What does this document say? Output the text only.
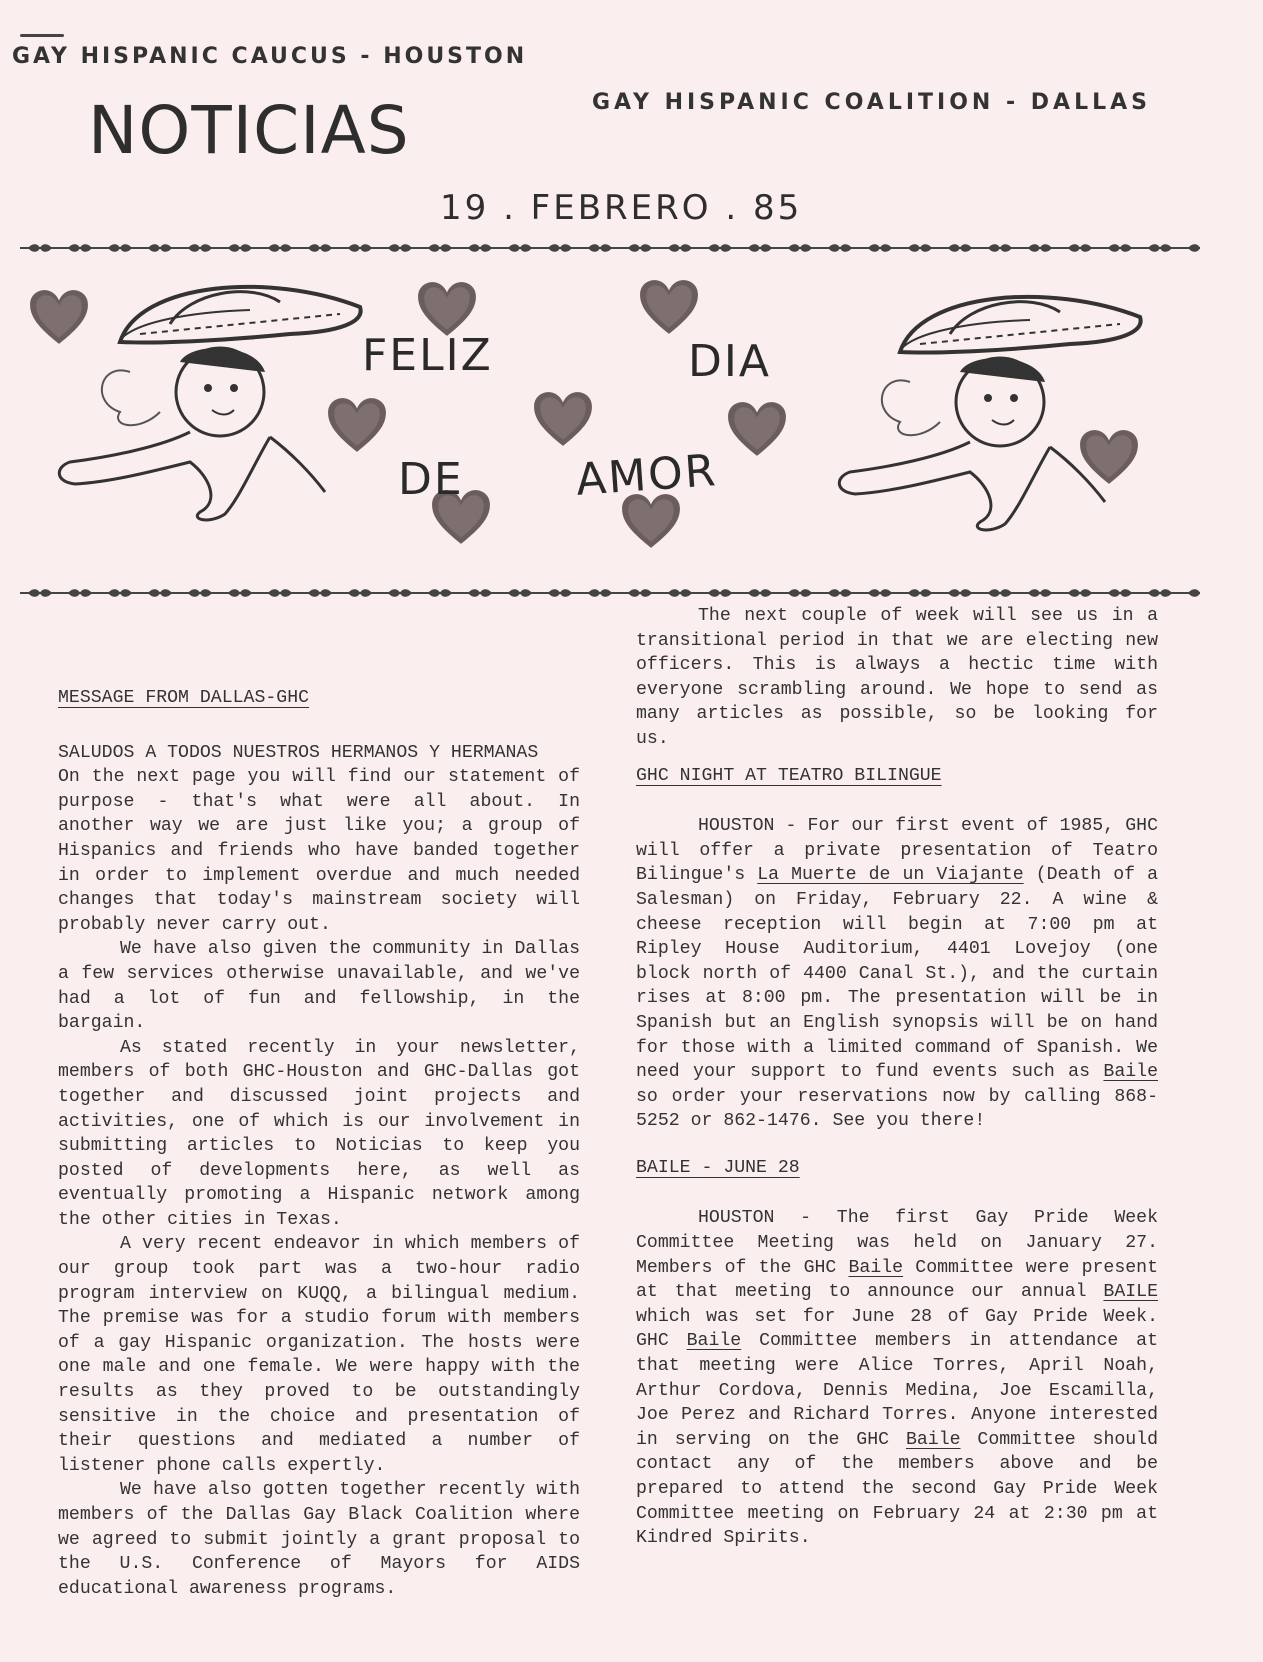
GAY HISPANIC CAUCUS - HOUSTON
NOTICIAS	GAY HISPANIC COALITION - DALLAS
19 . FEBRERO . 85
FELIZ	DIA
DE	AMOR

MESSAGE FROM DALLAS-GHC

SALUDOS A TODOS NUESTROS HERMANOS Y HERMANAS

On the next page you will find our statement of purpose - that's what were all about. In another way we are just like you; a group of Hispanics and friends who have banded together in order to implement overdue and much needed changes that today's mainstream society will probably never carry out.

We have also given the community in Dallas a few services otherwise unavailable, and we've had a lot of fun and fellowship, in the bargain.

As stated recently in your newsletter, members of both GHC-Houston and GHC-Dallas got together and discussed joint projects and activities, one of which is our involvement in submitting articles to Noticias to keep you posted of developments here, as well as eventually promoting a Hispanic network among the other cities in Texas.

A very recent endeavor in which members of our group took part was a two-hour radio program interview on KUQQ, a bilingual medium. The premise was for a studio forum with members of a gay Hispanic organization. The hosts were one male and one female. We were happy with the results as they proved to be outstandingly sensitive in the choice and presentation of their questions and mediated a number of listener phone calls expertly.

We have also gotten together recently with members of the Dallas Gay Black Coalition where we agreed to submit jointly a grant proposal to the U.S. Conference of Mayors for AIDS educational awareness programs.

The next couple of week will see us in a transitional period in that we are electing new officers. This is always a hectic time with everyone scrambling around. We hope to send as many articles as possible, so be looking for us.

GHC NIGHT AT TEATRO BILINGUE

HOUSTON - For our first event of 1985, GHC will offer a private presentation of Teatro Bilingue's La Muerte de un Viajante (Death of a Salesman) on Friday, February 22. A wine & cheese reception will begin at 7:00 pm at Ripley House Auditorium, 4401 Lovejoy (one block north of 4400 Canal St.), and the curtain rises at 8:00 pm. The presentation will be in Spanish but an English synopsis will be on hand for those with a limited command of Spanish. We need your support to fund events such as Baile so order your reservations now by calling 868-5252 or 862-1476. See you there!

BAILE - JUNE 28

HOUSTON - The first Gay Pride Week Committee Meeting was held on January 27. Members of the GHC Baile Committee were present at that meeting to announce our annual BAILE which was set for June 28 of Gay Pride Week. GHC Baile Committee members in attendance at that meeting were Alice Torres, April Noah, Arthur Cordova, Dennis Medina, Joe Escamilla, Joe Perez and Richard Torres. Anyone interested in serving on the GHC Baile Committee should contact any of the members above and be prepared to attend the second Gay Pride Week Committee meeting on February 24 at 2:30 pm at Kindred Spirits.
